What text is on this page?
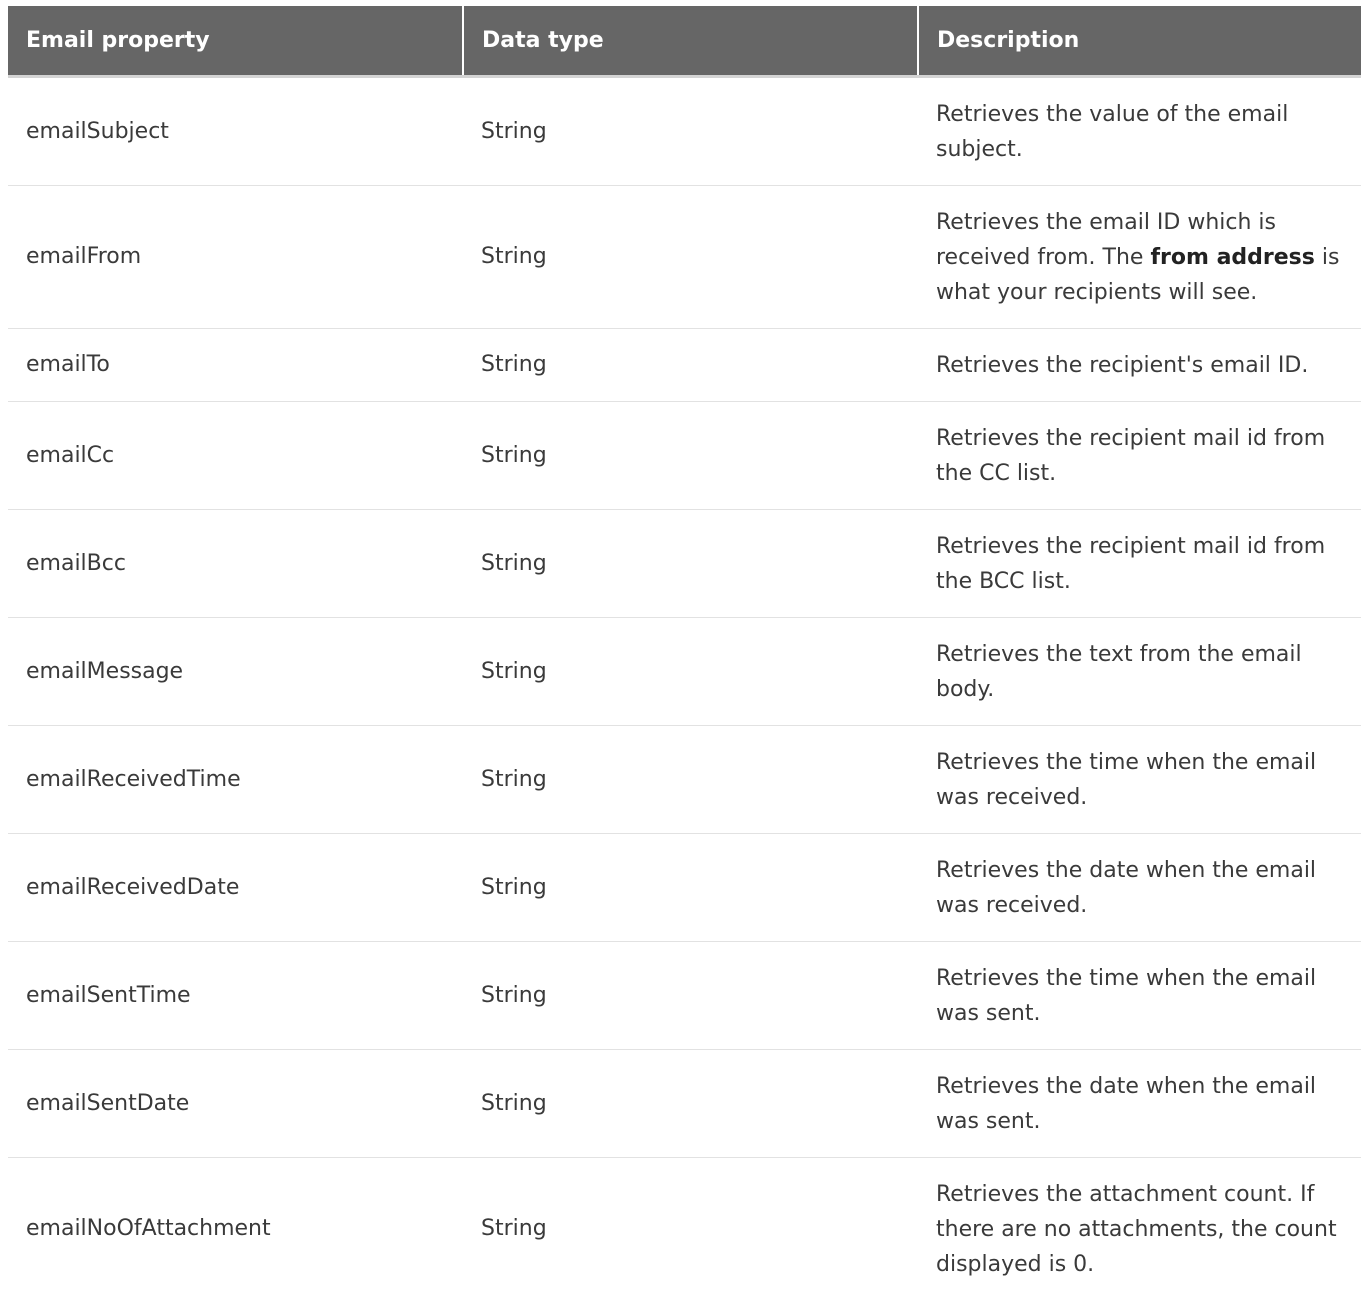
Email property	Data type	Description
emailSubject	String	Retrieves the value of the email subject.
emailFrom	String	Retrieves the email ID which is received from. The from address is what your recipients will see.
emailTo	String	Retrieves the recipient's email ID.
emailCc	String	Retrieves the recipient mail id from the CC list.
emailBcc	String	Retrieves the recipient mail id from the BCC list.
emailMessage	String	Retrieves the text from the email body.
emailReceivedTime	String	Retrieves the time when the email was received.
emailReceivedDate	String	Retrieves the date when the email was received.
emailSentTime	String	Retrieves the time when the email was sent.
emailSentDate	String	Retrieves the date when the email was sent.
emailNoOfAttachment	String	Retrieves the attachment count. If there are no attachments, the count displayed is 0.
